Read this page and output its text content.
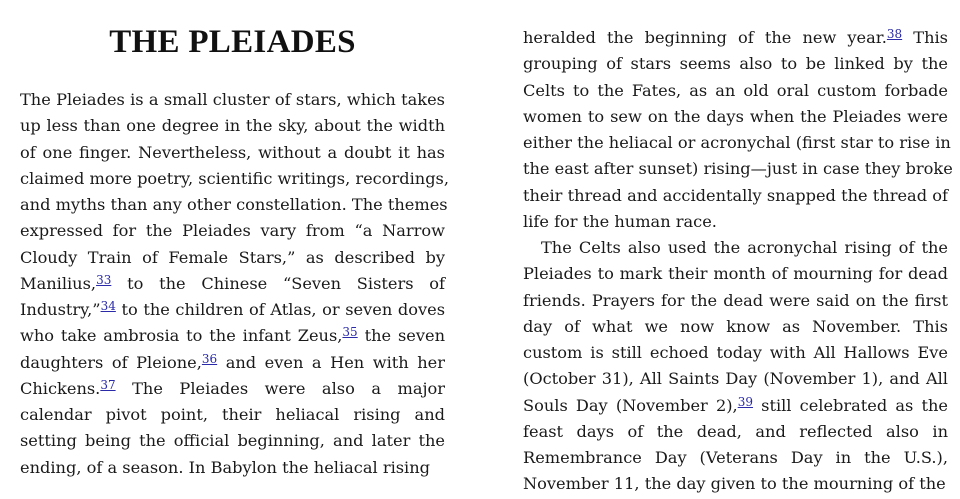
THE PLEIADES
The Pleiades is a small cluster of stars, which takes
up less than one degree in the sky, about the width
of one finger. Nevertheless, without a doubt it has
claimed more poetry, scientific writings, recordings,
and myths than any other constellation. The themes
expressed for the Pleiades vary from “a Narrow
Cloudy Train of Female Stars,” as described by
Manilius,$^{33}$ to the Chinese “Seven Sisters of
Industry,”$^{34}$ to the children of Atlas, or seven doves
who take ambrosia to the infant Zeus,$^{35}$ the seven
daughters of Pleione,$^{36}$ and even a Hen with her
Chickens.$^{37}$ The Pleiades were also a major
calendar pivot point, their heliacal rising and
setting being the official beginning, and later the
ending, of a season. In Babylon the heliacal rising
heralded the beginning of the new year.$^{38}$ This
grouping of stars seems also to be linked by the
Celts to the Fates, as an old oral custom forbade
women to sew on the days when the Pleiades were
either the heliacal or acronychal (first star to rise in
the east after sunset) rising—just in case they broke
their thread and accidentally snapped the thread of
life for the human race.
The Celts also used the acronychal rising of the
Pleiades to mark their month of mourning for dead
friends. Prayers for the dead were said on the first
day of what we now know as November. This
custom is still echoed today with All Hallows Eve
(October 31), All Saints Day (November 1), and All
Souls Day (November 2),$^{39}$ still celebrated as the
feast days of the dead, and reflected also in
Remembrance Day (Veterans Day in the U.S.),
November 11, the day given to the mourning of the
